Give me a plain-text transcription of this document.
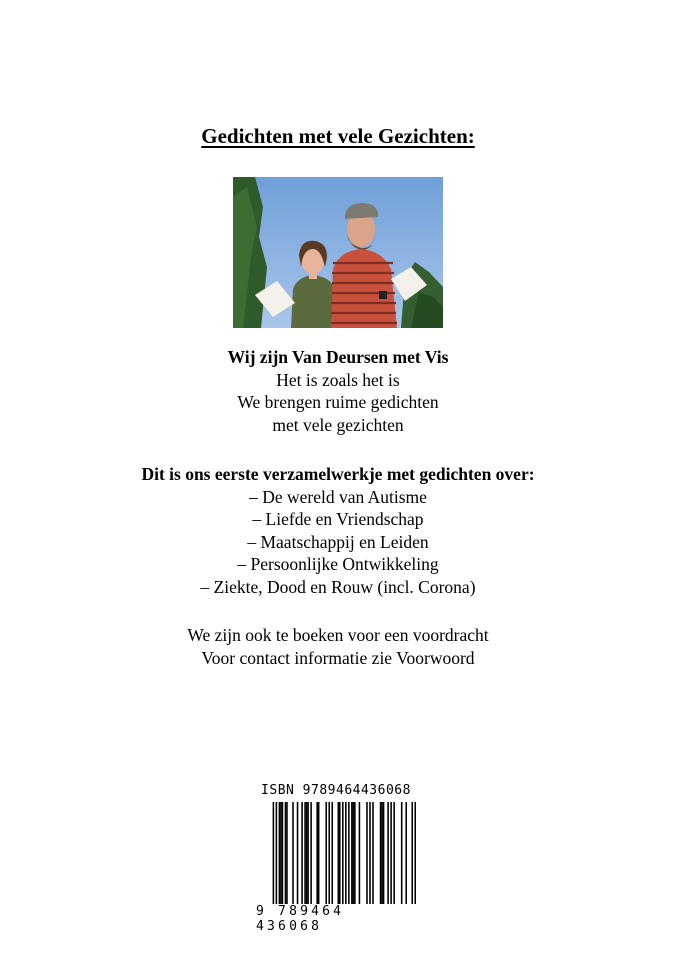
Gedichten met vele Gezichten:
Wij zijn Van Deursen met Vis
Het is zoals het is
We brengen ruime gedichten
met vele gezichten
Dit is ons eerste verzamelwerkje met gedichten over:
– De wereld van Autisme
– Liefde en Vriendschap
– Maatschappij en Leiden
– Persoonlijke Ontwikkeling
– Ziekte, Dood en Rouw (incl. Corona)
We zijn ook te boeken voor een voordracht
Voor contact informatie zie Voorwoord
ISBN 9789464436068
9 789464 436068
